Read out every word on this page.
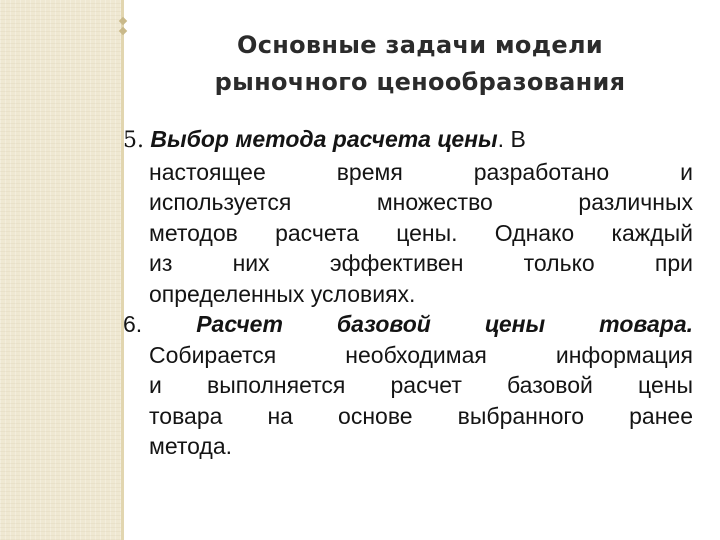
Основные задачи модели
рыночного ценообразования
5. Выбор метода расчета цены. В
настоящее время разработано и
используется множество различных
методов расчета цены. Однако каждый
из них эффективен только при
определенных условиях.
6. Расчет базовой цены товара.
Собирается необходимая информация
и выполняется расчет базовой цены
товара на основе выбранного ранее
метода.
